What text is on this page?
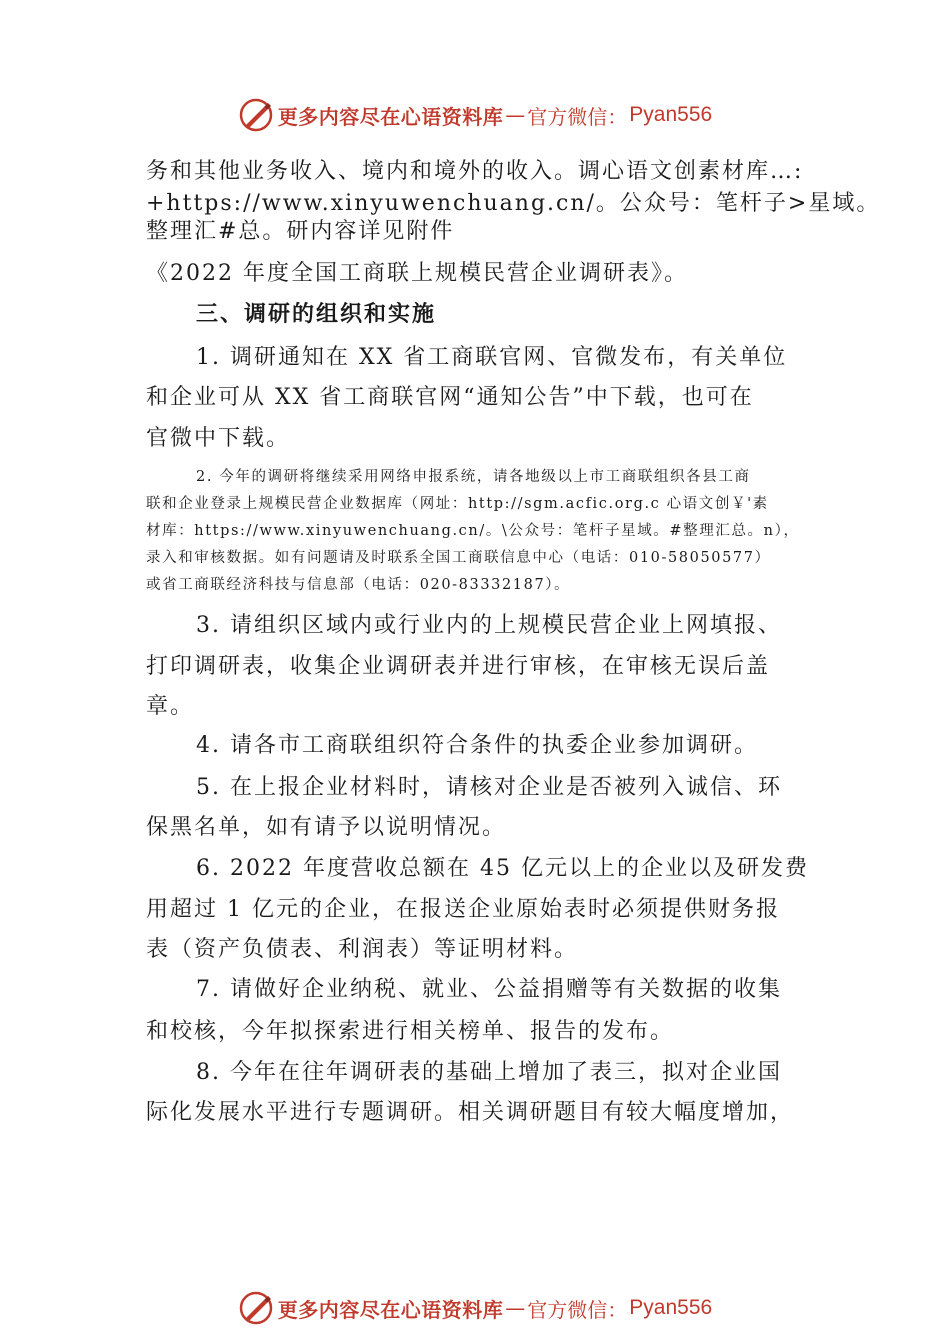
更多内容尽在心语资料库 — 官方微信： Pyan556
务和其他业务收入、境内和境外的收入。调心语文创素材库…:
+https://www.xinyuwenchuang.cn/。公众号：笔杆子>星域。
整理汇#总。研内容详见附件
《2022 年度全国工商联上规模民营企业调研表》。
三、调研的组织和实施
1. 调研通知在 XX 省工商联官网、官微发布，有关单位
和企业可从 XX 省工商联官网“通知公告”中下载，也可在
官微中下载。
2. 今年的调研将继续采用网络申报系统，请各地级以上市工商联组织各县工商
联和企业登录上规模民营企业数据库（网址：http://sgm.acfic.org.c 心语文创￥'素
材库：https://www.xinyuwenchuang.cn/。\公众号：笔杆子星域。#整理汇总。n），
录入和审核数据。如有问题请及时联系全国工商联信息中心（电话：010-58050577）
或省工商联经济科技与信息部（电话：020-83332187）。
3. 请组织区域内或行业内的上规模民营企业上网填报、
打印调研表，收集企业调研表并进行审核，在审核无误后盖
章。
4. 请各市工商联组织符合条件的执委企业参加调研。
5. 在上报企业材料时，请核对企业是否被列入诚信、环
保黑名单，如有请予以说明情况。
6. 2022 年度营收总额在 45 亿元以上的企业以及研发费
用超过 1 亿元的企业，在报送企业原始表时必须提供财务报
表（资产负债表、利润表）等证明材料。
7. 请做好企业纳税、就业、公益捐赠等有关数据的收集
和校核，今年拟探索进行相关榜单、报告的发布。
8. 今年在往年调研表的基础上增加了表三，拟对企业国
际化发展水平进行专题调研。相关调研题目有较大幅度增加，
更多内容尽在心语资料库 — 官方微信： Pyan556
